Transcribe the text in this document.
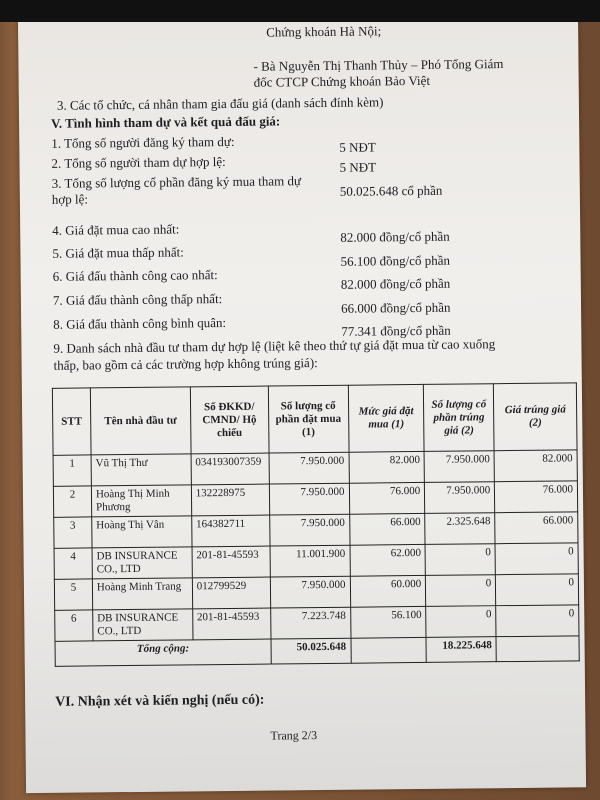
Chứng khoán Hà Nội;
- Bà Nguyễn Thị Thanh Thủy – Phó Tổng Giám
đốc CTCP Chứng khoán Bảo Việt
3. Các tổ chức, cá nhân tham gia đấu giá (danh sách đính kèm)
V. Tình hình tham dự và kết quả đấu giá:
1. Tổng số người đăng ký tham dự:	5 NĐT
2. Tổng số người tham dự hợp lệ:	5 NĐT
3. Tổng số lượng cổ phần đăng ký mua tham dự
hợp lệ:
50.025.648 cổ phần
4. Giá đặt mua cao nhất:	82.000 đồng/cổ phần
5. Giá đặt mua thấp nhất:	56.100 đồng/cổ phần
6. Giá đấu thành công cao nhất:	82.000 đồng/cổ phần
7. Giá đấu thành công thấp nhất:	66.000 đồng/cổ phần
8. Giá đấu thành công bình quân:	77.341 đồng/cổ phần
9. Danh sách nhà đầu tư tham dự hợp lệ (liệt kê theo thứ tự giá đặt mua từ cao xuống
thấp, bao gồm cả các trường hợp không trúng giá):
STT	Tên nhà đầu tư	Số ĐKKD/ CMND/ Hộ chiếu	Số lượng cổ phần đặt mua (1)	Mức giá đặt mua (1)	Số lượng cổ phần trúng giá (2)	Giá trúng giá (2)
1	Vũ Thị Thư	034193007359	7.950.000	82.000	7.950.000	82.000
2	Hoàng Thị Minh Phương	132228975	7.950.000	76.000	7.950.000	76.000
3	Hoàng Thị Vân	164382711	7.950.000	66.000	2.325.648	66.000
4	DB INSURANCE CO., LTD	201-81-45593	11.001.900	62.000	0	0
5	Hoàng Minh Trang	012799529	7.950.000	60.000	0	0
6	DB INSURANCE CO., LTD	201-81-45593	7.223.748	56.100	0	0
Tổng cộng:			50.025.648		18.225.648	
VI. Nhận xét và kiến nghị (nếu có):
Trang 2/3
